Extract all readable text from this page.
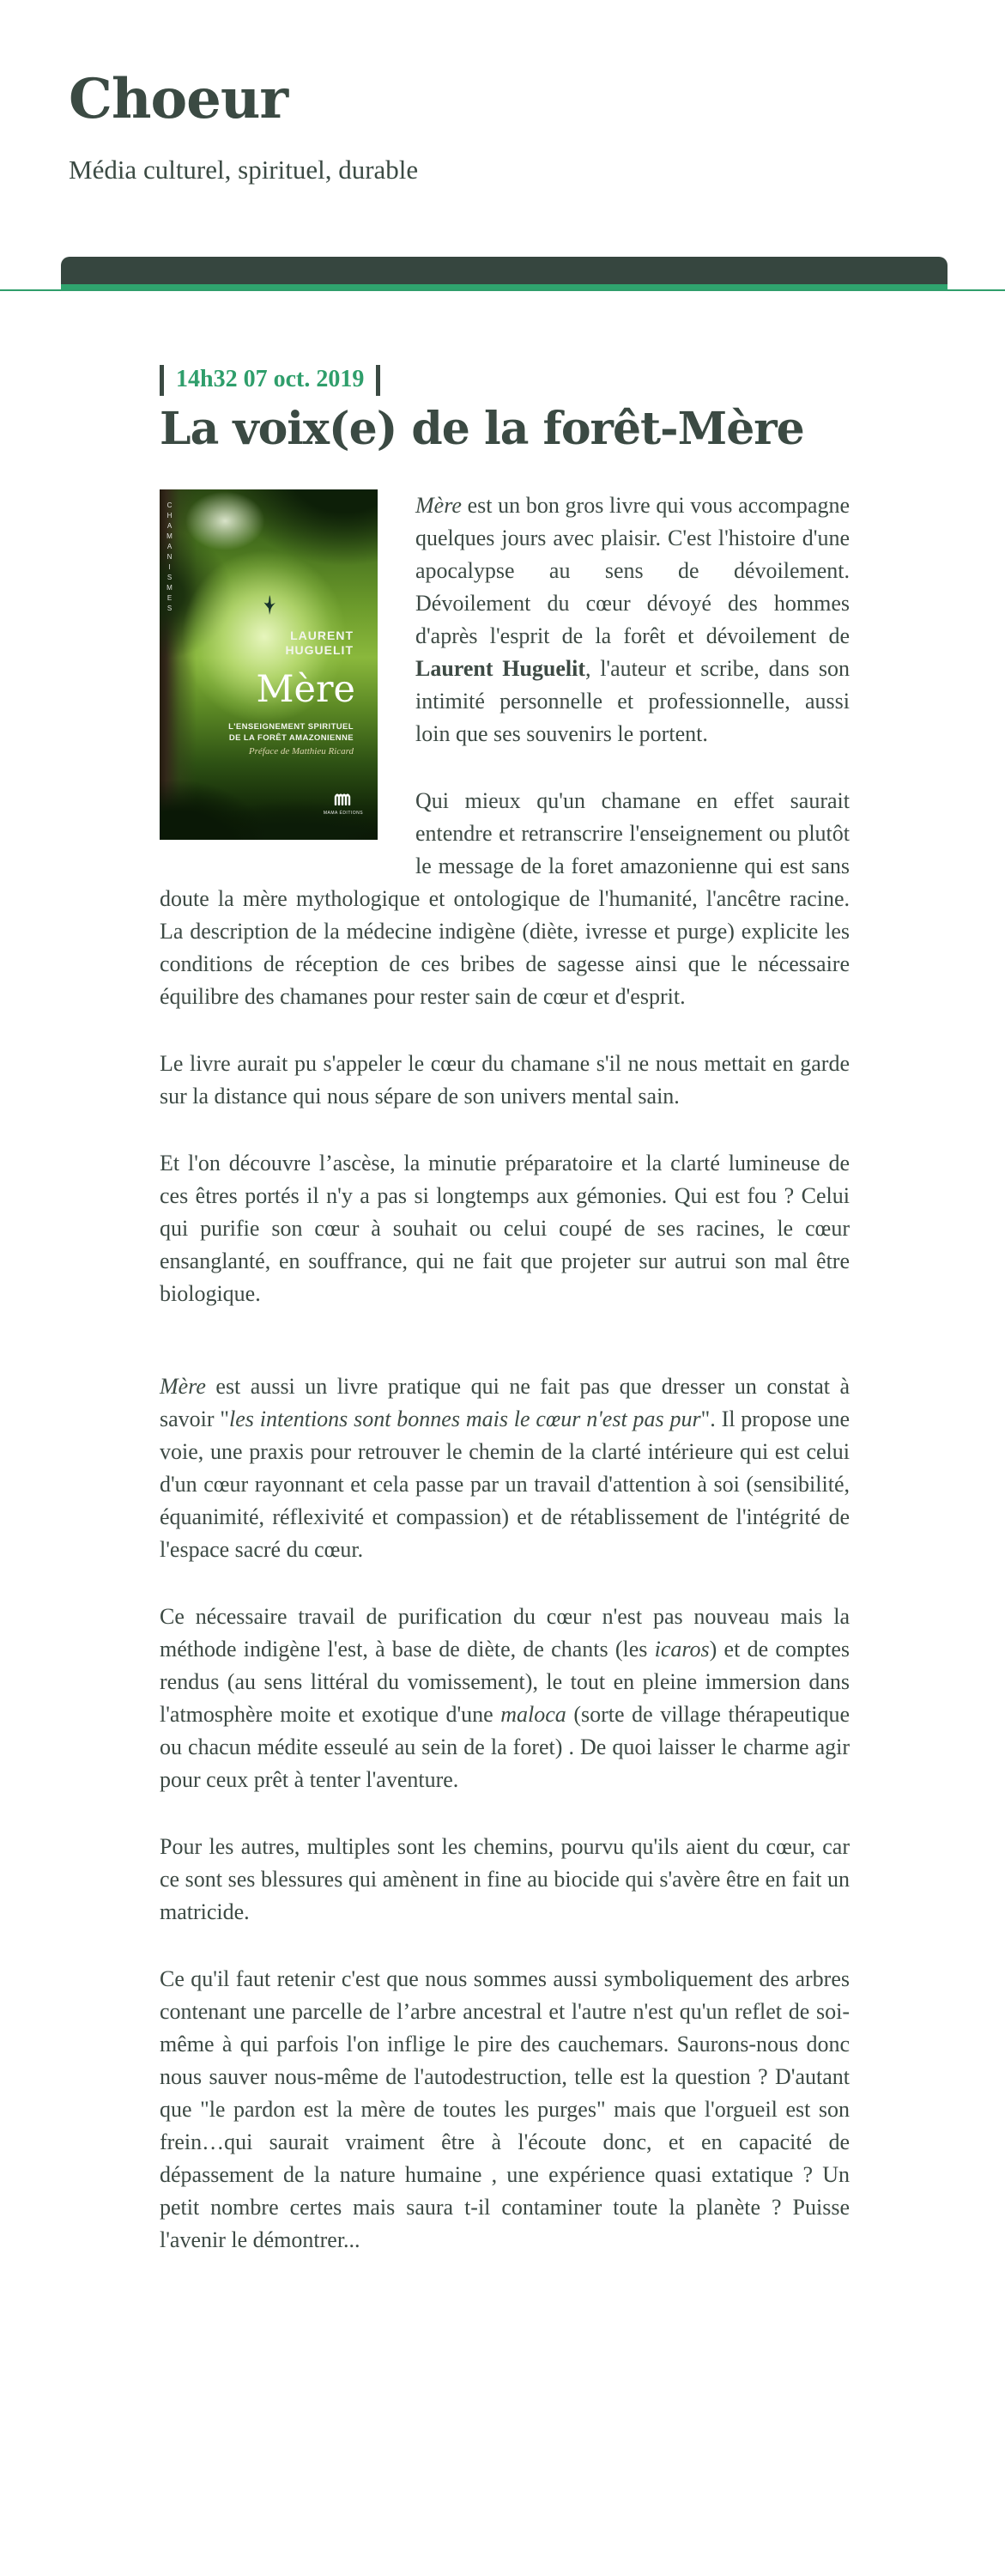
Choeur

Média culturel, spirituel, durable

14h32 07 oct. 2019
La voix(e) de la forêt-Mère
CHAMANISMES
LAURENT HUGUELIT
Mère
L'ENSEIGNEMENT SPIRITUEL DE LA FORÊT AMAZONIENNE
Préface de Matthieu Ricard
MAMA ÉDITIONS

Mère est un bon gros livre qui vous accompagne quelques jours avec plaisir. C'est l'histoire d'une apocalypse au sens de dévoilement. Dévoilement du cœur dévoyé des hommes d'après l'esprit de la forêt et dévoilement de Laurent Huguelit, l'auteur et scribe, dans son intimité personnelle et professionnelle, aussi loin que ses souvenirs le portent.

Qui mieux qu'un chamane en effet saurait entendre et retranscrire l'enseignement ou plutôt le message de la foret amazonienne qui est sans doute la mère mythologique et ontologique de l'humanité, l'ancêtre racine. La description de la médecine indigène (diète, ivresse et purge) explicite les conditions de réception de ces bribes de sagesse ainsi que le nécessaire équilibre des chamanes pour rester sain de cœur et d'esprit.

Le livre aurait pu s'appeler le cœur du chamane s'il ne nous mettait en garde sur la distance qui nous sépare de son univers mental sain.

Et l'on découvre l’ascèse, la minutie préparatoire et la clarté lumineuse de ces êtres portés il n'y a pas si longtemps aux gémonies. Qui est fou ? Celui qui purifie son cœur à souhait ou celui coupé de ses racines, le cœur ensanglanté, en souffrance, qui ne fait que projeter sur autrui son mal être biologique.

Mère est aussi un livre pratique qui ne fait pas que dresser un constat à savoir "les intentions sont bonnes mais le cœur n'est pas pur". Il propose une voie, une praxis pour retrouver le chemin de la clarté intérieure qui est celui d'un cœur rayonnant et cela passe par un travail d'attention à soi (sensibilité, équanimité, réflexivité et compassion) et de rétablissement de l'intégrité de l'espace sacré du cœur.

Ce nécessaire travail de purification du cœur n'est pas nouveau mais la méthode indigène l'est, à base de diète, de chants (les icaros) et de comptes rendus (au sens littéral du vomissement), le tout en pleine immersion dans l'atmosphère moite et exotique d'une maloca (sorte de village thérapeutique ou chacun médite esseulé au sein de la foret) . De quoi laisser le charme agir pour ceux prêt à tenter l'aventure.

Pour les autres, multiples sont les chemins, pourvu qu'ils aient du cœur, car ce sont ses blessures qui amènent in fine au biocide qui s'avère être en fait un matricide.

Ce qu'il faut retenir c'est que nous sommes aussi symboliquement des arbres contenant une parcelle de l’arbre ancestral et l'autre n'est qu'un reflet de soi-même à qui parfois l'on inflige le pire des cauchemars. Saurons-nous donc nous sauver nous-même de l'autodestruction, telle est la question ? D'autant que "le pardon est la mère de toutes les purges" mais que l'orgueil est son frein…qui saurait vraiment être à l'écoute donc, et en capacité de dépassement de la nature humaine , une expérience quasi extatique ? Un petit nombre certes mais saura t-il contaminer toute la planète ? Puisse l'avenir le démontrer...
